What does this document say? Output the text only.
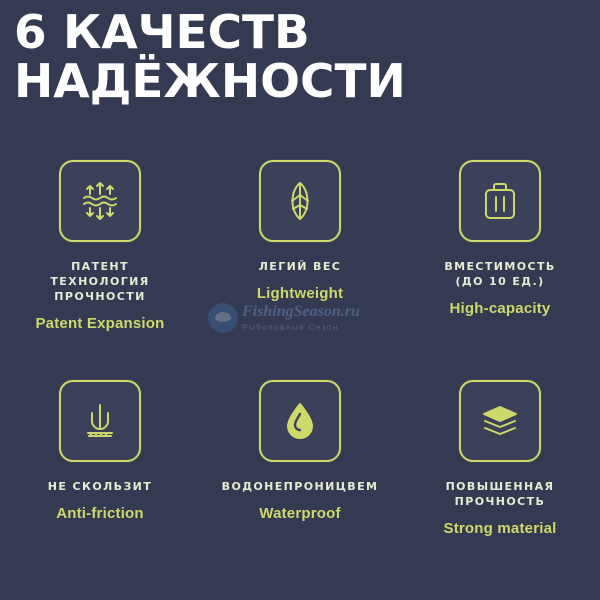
6 КАЧЕСТВ
НАДЁЖНОСТИ
ПАТЕНТ
ТЕХНОЛОГИЯ
ПРОЧНОСТИ
Patent Expansion
ЛЕГИЙ ВЕС
Lightweight
ВМЕСТИМОСТЬ
(ДО 10 ЕД.)
High-capacity
НЕ СКОЛЬЗИТ
Anti-friction
ВОДОНЕПРОНИЦВЕМ
Waterproof
ПОВЫШЕННАЯ
ПРОЧНОСТЬ
Strong material
FishingSeason.ru
Рыболовный Сезон
